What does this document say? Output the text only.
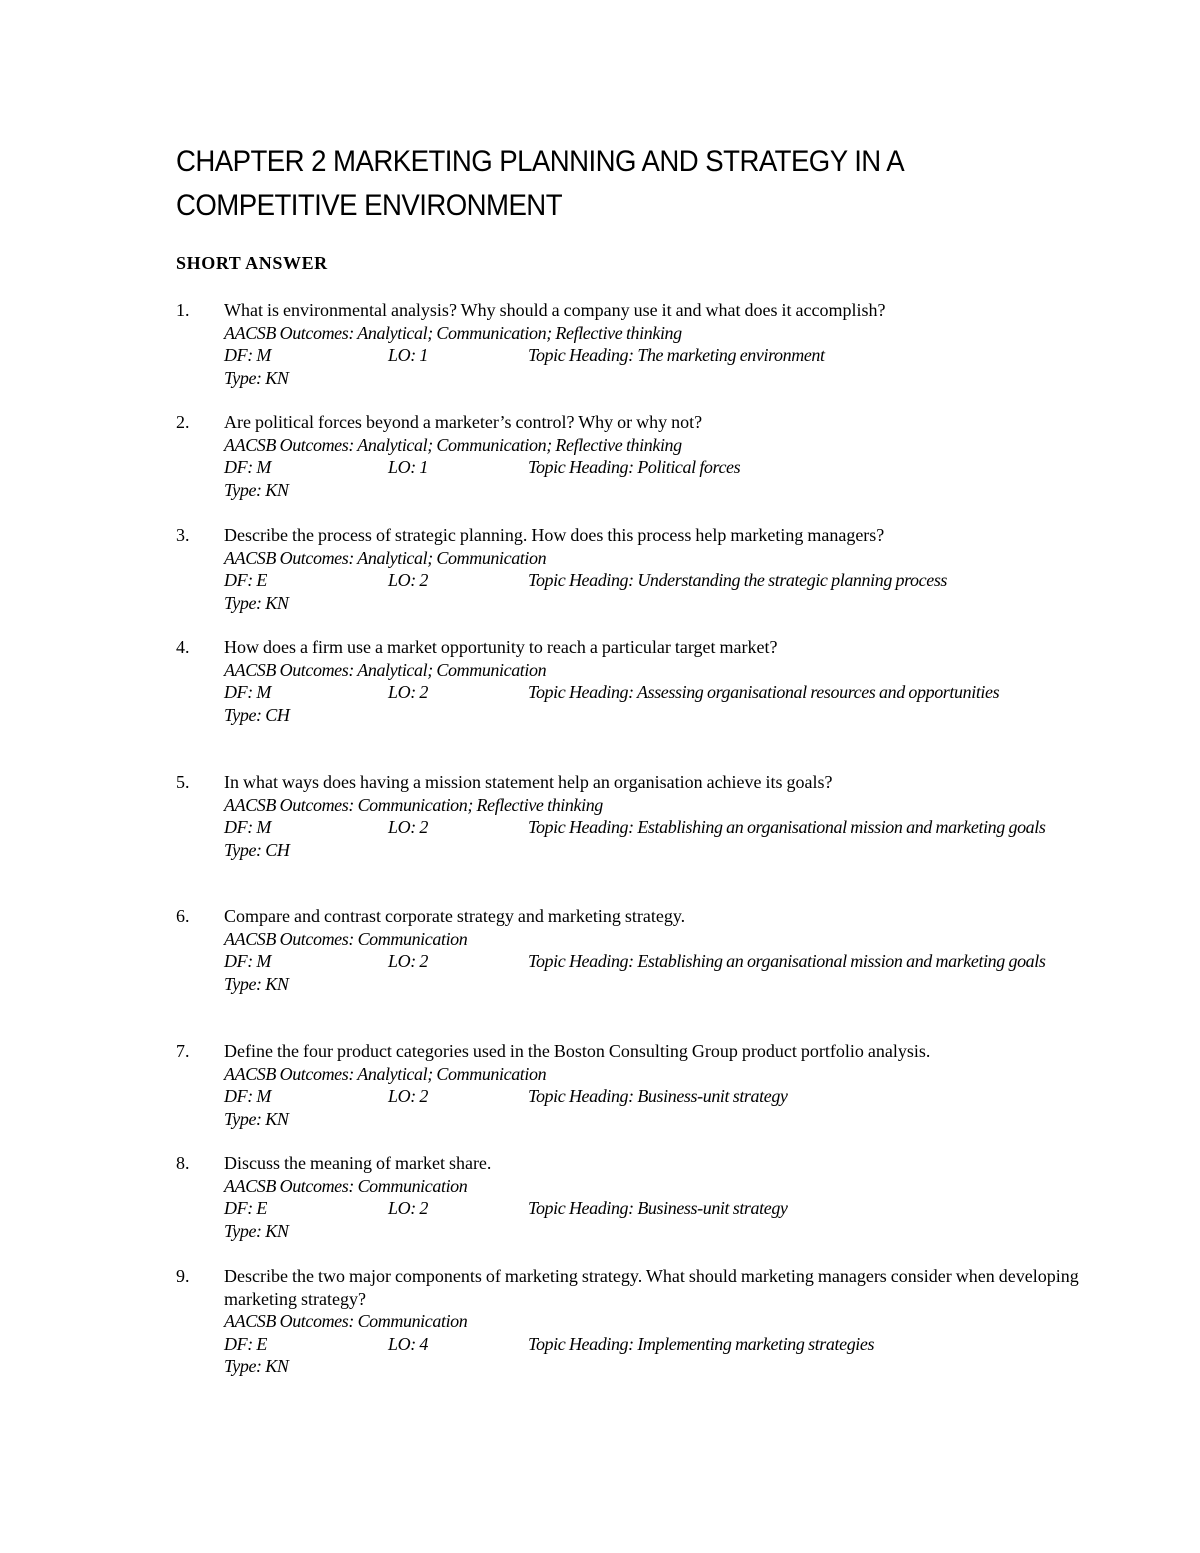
CHAPTER 2 MARKETING PLANNING AND STRATEGY IN A COMPETITIVE ENVIRONMENT
SHORT ANSWER
1. What is environmental analysis? Why should a company use it and what does it accomplish?
AACSB Outcomes: Analytical; Communication; Reflective thinking
DF: M	LO: 1	Topic Heading: The marketing environment
Type: KN
2. Are political forces beyond a marketer’s control? Why or why not?
AACSB Outcomes: Analytical; Communication; Reflective thinking
DF: M	LO: 1	Topic Heading: Political forces
Type: KN
3. Describe the process of strategic planning. How does this process help marketing managers?
AACSB Outcomes: Analytical; Communication
DF: E	LO: 2	Topic Heading: Understanding the strategic planning process
Type: KN
4. How does a firm use a market opportunity to reach a particular target market?
AACSB Outcomes: Analytical; Communication
DF: M	LO: 2	Topic Heading: Assessing organisational resources and opportunities
Type: CH
5. In what ways does having a mission statement help an organisation achieve its goals?
AACSB Outcomes: Communication; Reflective thinking
DF: M	LO: 2	Topic Heading: Establishing an organisational mission and marketing goals
Type: CH
6. Compare and contrast corporate strategy and marketing strategy.
AACSB Outcomes: Communication
DF: M	LO: 2	Topic Heading: Establishing an organisational mission and marketing goals
Type: KN
7. Define the four product categories used in the Boston Consulting Group product portfolio analysis.
AACSB Outcomes: Analytical; Communication
DF: M	LO: 2	Topic Heading: Business-unit strategy
Type: KN
8. Discuss the meaning of market share.
AACSB Outcomes: Communication
DF: E	LO: 2	Topic Heading: Business-unit strategy
Type: KN
9. Describe the two major components of marketing strategy. What should marketing managers consider when developing marketing strategy?
AACSB Outcomes: Communication
DF: E	LO: 4	Topic Heading: Implementing marketing strategies
Type: KN
